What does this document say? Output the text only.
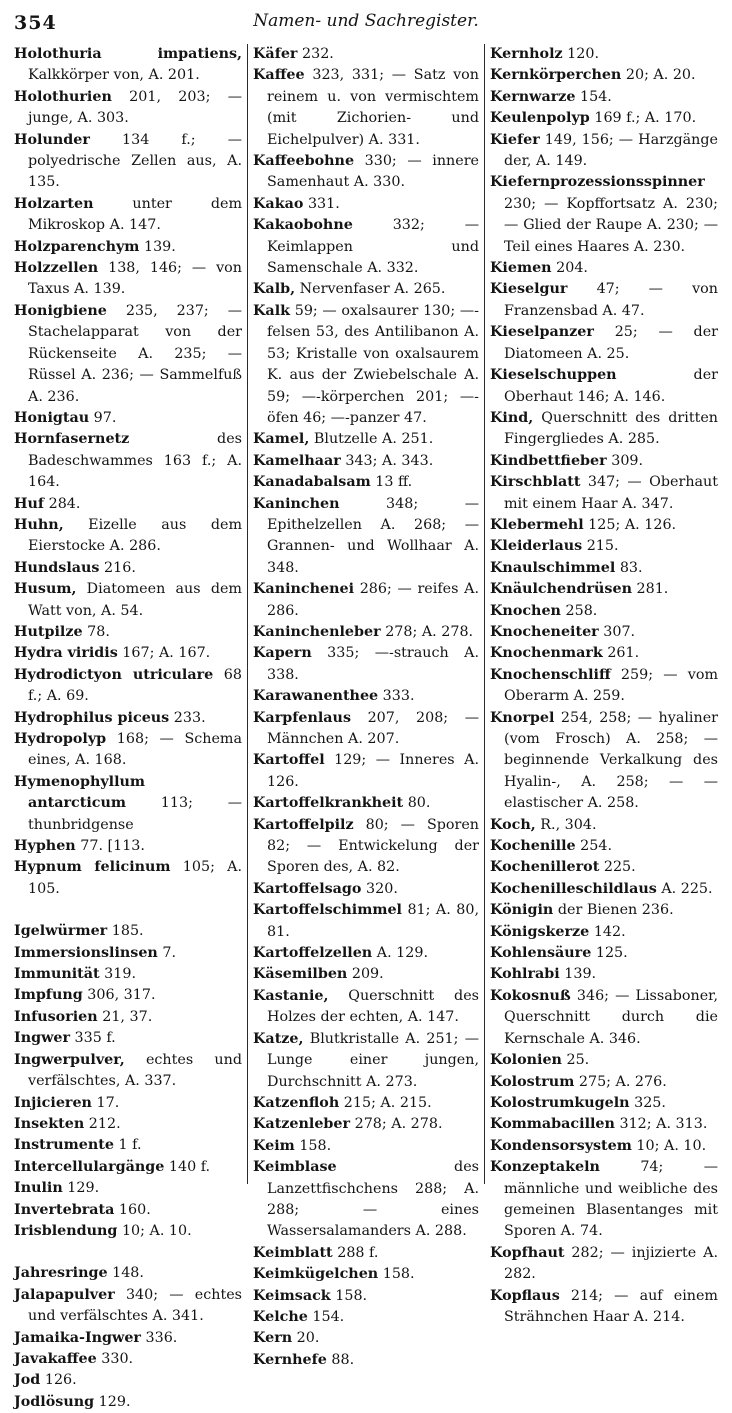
354	Namen- und Sachregister.

Holothuria impatiens, Kalkkörper von, A. 201.

Holothurien 201, 203; — junge, A. 303.

Holunder 134 f.; — polyedrische Zellen aus, A. 135.

Holzarten unter dem Mikroskop A. 147.

Holzparenchym 139.

Holzzellen 138, 146; — von Taxus A. 139.

Honigbiene 235, 237; — Stachelapparat von der Rückenseite A. 235; — Rüssel A. 236; — Sammelfuß A. 236.

Honigtau 97.

Hornfasernetz des Badeschwammes 163 f.; A. 164.

Huf 284.

Huhn, Eizelle aus dem Eierstocke A. 286.

Hundslaus 216.

Husum, Diatomeen aus dem Watt von, A. 54.

Hutpilze 78.

Hydra viridis 167; A. 167.

Hydrodictyon utriculare 68 f.; A. 69.

Hydrophilus piceus 233.

Hydropolyp 168; — Schema eines, A. 168.

Hymenophyllum antarcticum 113; — thunbridgense

Hyphen 77. [113.

Hypnum felicinum 105; A. 105.

Igelwürmer 185.

Immersionslinsen 7.

Immunität 319.

Impfung 306, 317.

Infusorien 21, 37.

Ingwer 335 f.

Ingwerpulver, echtes und verfälschtes, A. 337.

Injicieren 17.

Insekten 212.

Instrumente 1 f.

Intercellulargänge 140 f.

Inulin 129.

Invertebrata 160.

Irisblendung 10; A. 10.

Jahresringe 148.

Jalapapulver 340; — echtes und verfälschtes A. 341.

Jamaika-Ingwer 336.

Javakaffee 330.

Jod 126.

Jodlösung 129.

Käfer 232.

Kaffee 323, 331; — Satz von reinem u. von vermischtem (mit Zichorien- und Eichelpulver) A. 331.

Kaffeebohne 330; — innere Samenhaut A. 330.

Kakao 331.

Kakaobohne 332; — Keimlappen und Samenschale A. 332.

Kalb, Nervenfaser A. 265.

Kalk 59; — oxalsaurer 130; —-felsen 53, des Antilibanon A. 53; Kristalle von oxalsaurem K. aus der Zwiebelschale A. 59; —-körperchen 201; —-öfen 46; —-panzer 47.

Kamel, Blutzelle A. 251.

Kamelhaar 343; A. 343.

Kanadabalsam 13 ff.

Kaninchen 348; — Epithelzellen A. 268; — Grannen- und Wollhaar A. 348.

Kaninchenei 286; — reifes A. 286.

Kaninchenleber 278; A. 278.

Kapern 335; —-strauch A. 338.

Karawanenthee 333.

Karpfenlaus 207, 208; — Männchen A. 207.

Kartoffel 129; — Inneres A. 126.

Kartoffelkrankheit 80.

Kartoffelpilz 80; — Sporen 82; — Entwickelung der Sporen des, A. 82.

Kartoffelsago 320.

Kartoffelschimmel 81; A. 80, 81.

Kartoffelzellen A. 129.

Käsemilben 209.

Kastanie, Querschnitt des Holzes der echten, A. 147.

Katze, Blutkristalle A. 251; — Lunge einer jungen, Durchschnitt A. 273.

Katzenfloh 215; A. 215.

Katzenleber 278; A. 278.

Keim 158.

Keimblase des Lanzettfischchens 288; A. 288; — eines Wassersalamanders A. 288.

Keimblatt 288 f.

Keimkügelchen 158.

Keimsack 158.

Kelche 154.

Kern 20.

Kernhefe 88.

Kernholz 120.

Kernkörperchen 20; A. 20.

Kernwarze 154.

Keulenpolyp 169 f.; A. 170.

Kiefer 149, 156; — Harzgänge der, A. 149.

Kiefernprozessionsspinner 230; — Kopffortsatz A. 230; — Glied der Raupe A. 230; — Teil eines Haares A. 230.

Kiemen 204.

Kieselgur 47; — von Franzensbad A. 47.

Kieselpanzer 25; — der Diatomeen A. 25.

Kieselschuppen der Oberhaut 146; A. 146.

Kind, Querschnitt des dritten Fingergliedes A. 285.

Kindbettfieber 309.

Kirschblatt 347; — Oberhaut mit einem Haar A. 347.

Klebermehl 125; A. 126.

Kleiderlaus 215.

Knaulschimmel 83.

Knäulchendrüsen 281.

Knochen 258.

Knocheneiter 307.

Knochenmark 261.

Knochenschliff 259; — vom Oberarm A. 259.

Knorpel 254, 258; — hyaliner (vom Frosch) A. 258; — beginnende Verkalkung des Hyalin-, A. 258; — — elastischer A. 258.

Koch, R., 304.

Kochenille 254.

Kochenillerot 225.

Kochenilleschildlaus A. 225.

Königin der Bienen 236.

Königskerze 142.

Kohlensäure 125.

Kohlrabi 139.

Kokosnuß 346; — Lissaboner, Querschnitt durch die Kernschale A. 346.

Kolonien 25.

Kolostrum 275; A. 276.

Kolostrumkugeln 325.

Kommabacillen 312; A. 313.

Kondensorsystem 10; A. 10.

Konzeptakeln 74; — männliche und weibliche des gemeinen Blasentanges mit Sporen A. 74.

Kopfhaut 282; — injizierte A. 282.

Kopflaus 214; — auf einem Strähnchen Haar A. 214.
